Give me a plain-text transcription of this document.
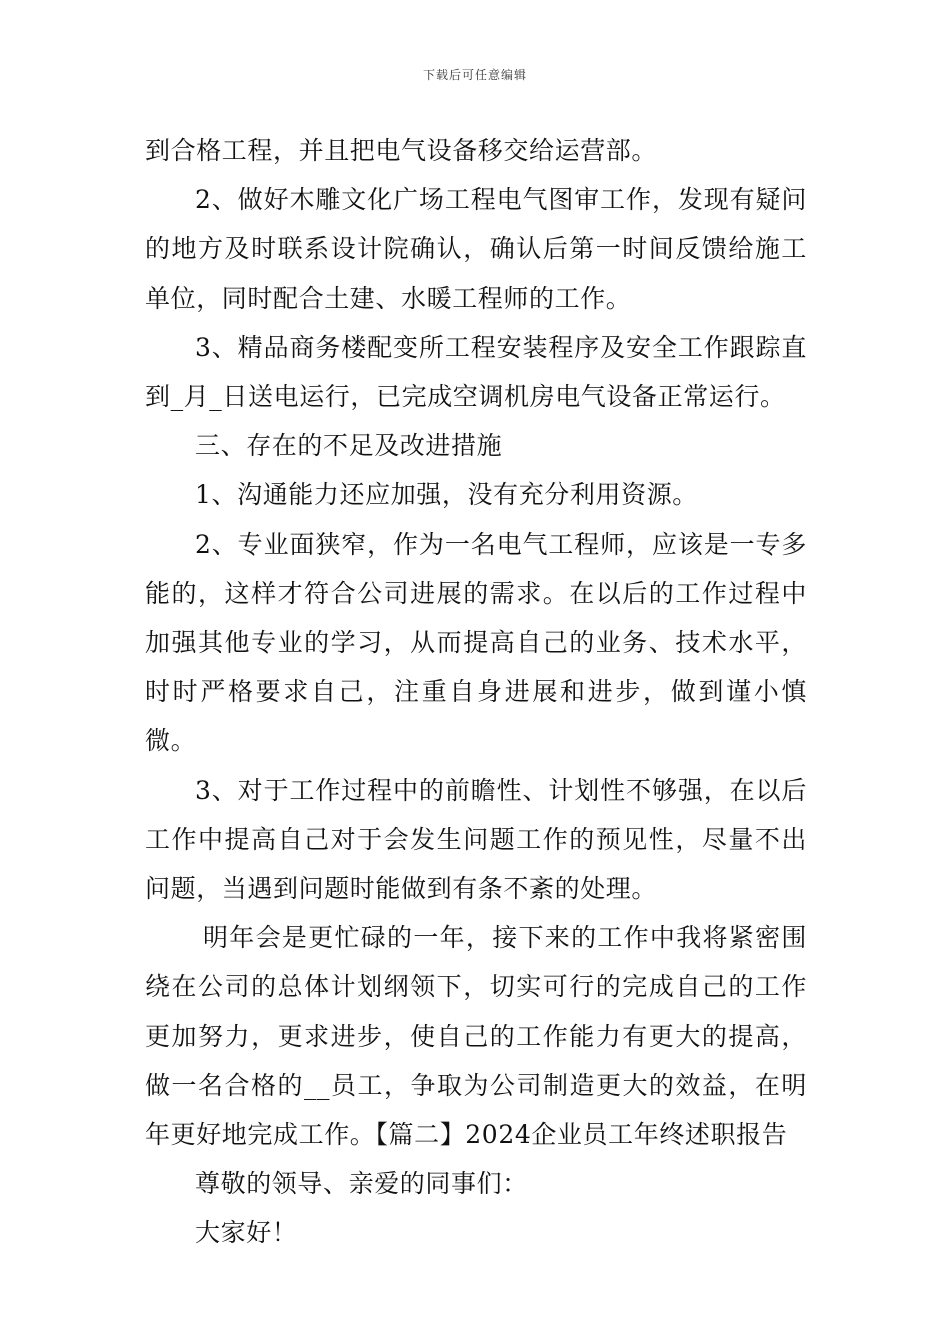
下载后可任意编辑

到合格工程，并且把电气设备移交给运营部。

2、做好木雕文化广场工程电气图审工作，发现有疑问的地方及时联系设计院确认，确认后第一时间反馈给施工单位，同时配合土建、水暖工程师的工作。

3、精品商务楼配变所工程安装程序及安全工作跟踪直到_月_日送电运行，已完成空调机房电气设备正常运行。

三、存在的不足及改进措施

1、沟通能力还应加强，没有充分利用资源。

2、专业面狭窄，作为一名电气工程师，应该是一专多能的，这样才符合公司进展的需求。在以后的工作过程中加强其他专业的学习，从而提高自己的业务、技术水平，时时严格要求自己，注重自身进展和进步，做到谨小慎微。

3、对于工作过程中的前瞻性、计划性不够强，在以后工作中提高自己对于会发生问题工作的预见性，尽量不出问题，当遇到问题时能做到有条不紊的处理。

明年会是更忙碌的一年，接下来的工作中我将紧密围绕在公司的总体计划纲领下，切实可行的完成自己的工作更加努力，更求进步，使自己的工作能力有更大的提高，做一名合格的__员工，争取为公司制造更大的效益，在明年更好地完成工作。【篇二】2024企业员工年终述职报告

尊敬的领导、亲爱的同事们：

大家好！
